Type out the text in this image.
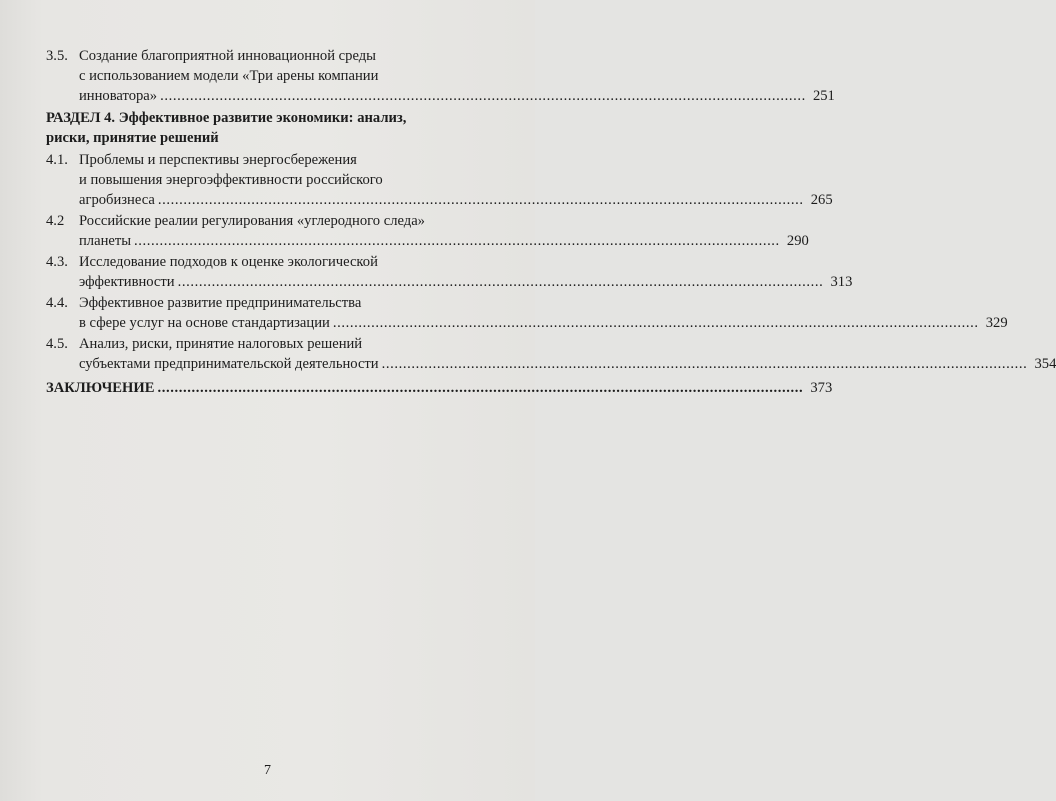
3.5. Создание благоприятной инновационной среды
с использованием модели «Три арены компании
инноватора» .....	251
РАЗДЕЛ 4. Эффективное развитие экономики: анализ,
риски, принятие решений
4.1. Проблемы и перспективы энергосбережения
и повышения энергоэффективности российского
агробизнеса .....	265
4.2	Российские реалии регулирования «углеродного следа»
планеты .....	290
4.3. Исследование подходов к оценке экологической
эффективности .....	313
4.4. Эффективное развитие предпринимательства
в сфере услуг на основе стандартизации .....	329
4.5. Анализ, риски, принятие налоговых решений
субъектами предпринимательской деятельности .....	354
ЗАКЛЮЧЕНИЕ .....	373
7
